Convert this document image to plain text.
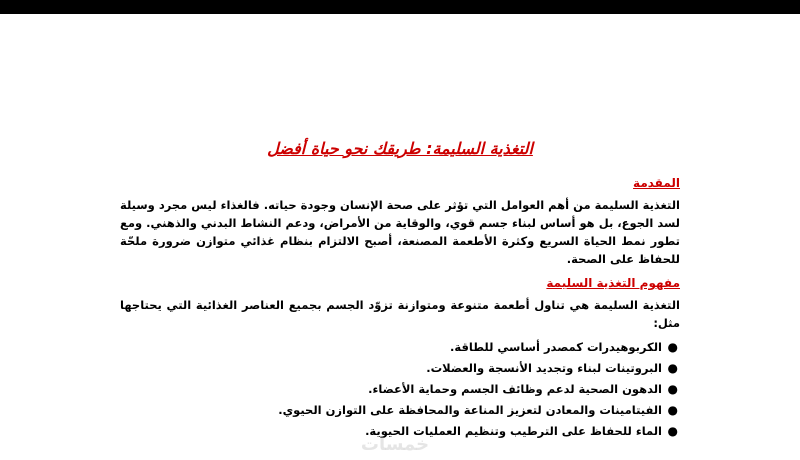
التغذية السليمة: طريقك نحو حياة أفضل
المقدمة

التغذية السليمة من أهم العوامل التي تؤثر على صحة الإنسان وجودة حياته. فالغذاء ليس مجرد وسيلة لسد الجوع، بل هو أساس لبناء جسم قوي، والوقاية من الأمراض، ودعم النشاط البدني والذهني. ومع تطور نمط الحياة السريع وكثرة الأطعمة المصنعة، أصبح الالتزام بنظام غذائي متوازن ضرورة ملحّة للحفاظ على الصحة.

مفهوم التغذية السليمة

التغذية السليمة هي تناول أطعمة متنوعة ومتوازنة تزوّد الجسم بجميع العناصر الغذائية التي يحتاجها مثل:

●
الكربوهيدرات كمصدر أساسي للطاقة.
●
البروتينات لبناء وتجديد الأنسجة والعضلات.
●
الدهون الصحية لدعم وظائف الجسم وحماية الأعضاء.
●
الفيتامينات والمعادن لتعزيز المناعة والمحافظة على التوازن الحيوي.
●
الماء للحفاظ على الترطيب وتنظيم العمليات الحيوية.
خمسات
